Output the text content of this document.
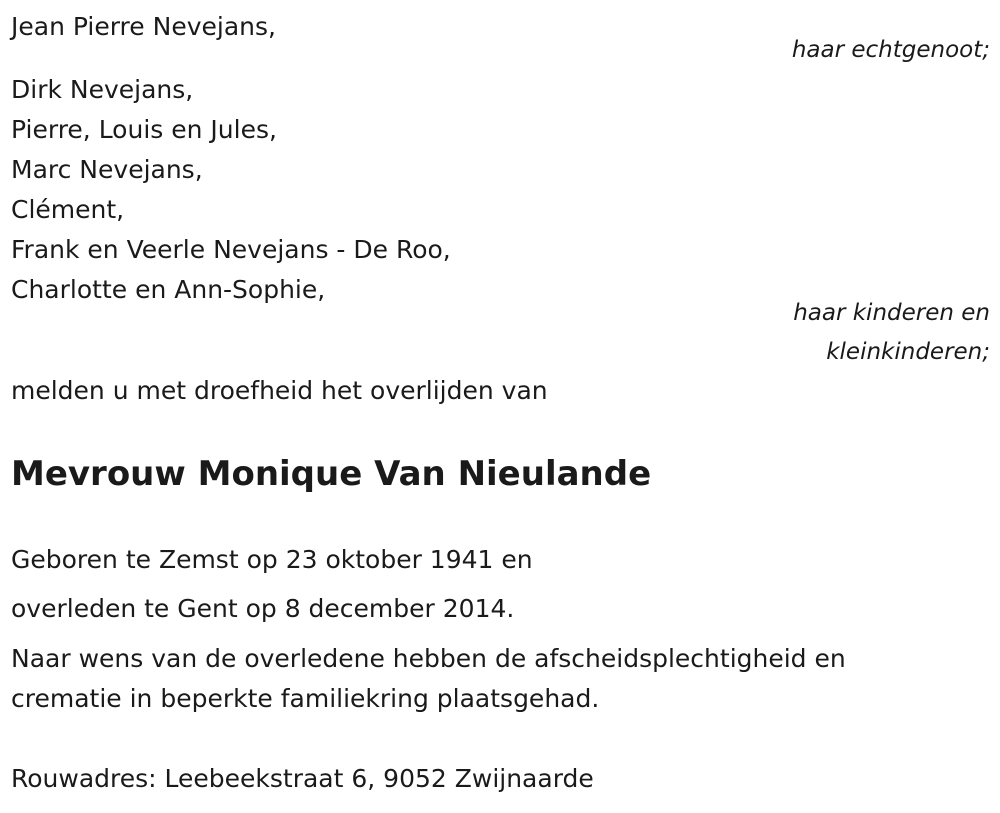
Jean Pierre Nevejans,
haar echtgenoot;
Dirk Nevejans,
Pierre, Louis en Jules,
Marc Nevejans,
Clément,
Frank en Veerle Nevejans - De Roo,
Charlotte en Ann-Sophie,
haar kinderen en
kleinkinderen;
melden u met droefheid het overlijden van
Mevrouw Monique Van Nieulande
Geboren te Zemst op 23 oktober 1941 en
overleden te Gent op 8 december 2014.
Naar wens van de overledene hebben de afscheidsplechtigheid en
crematie in beperkte familiekring plaatsgehad.
Rouwadres: Leebeekstraat 6, 9052 Zwijnaarde
